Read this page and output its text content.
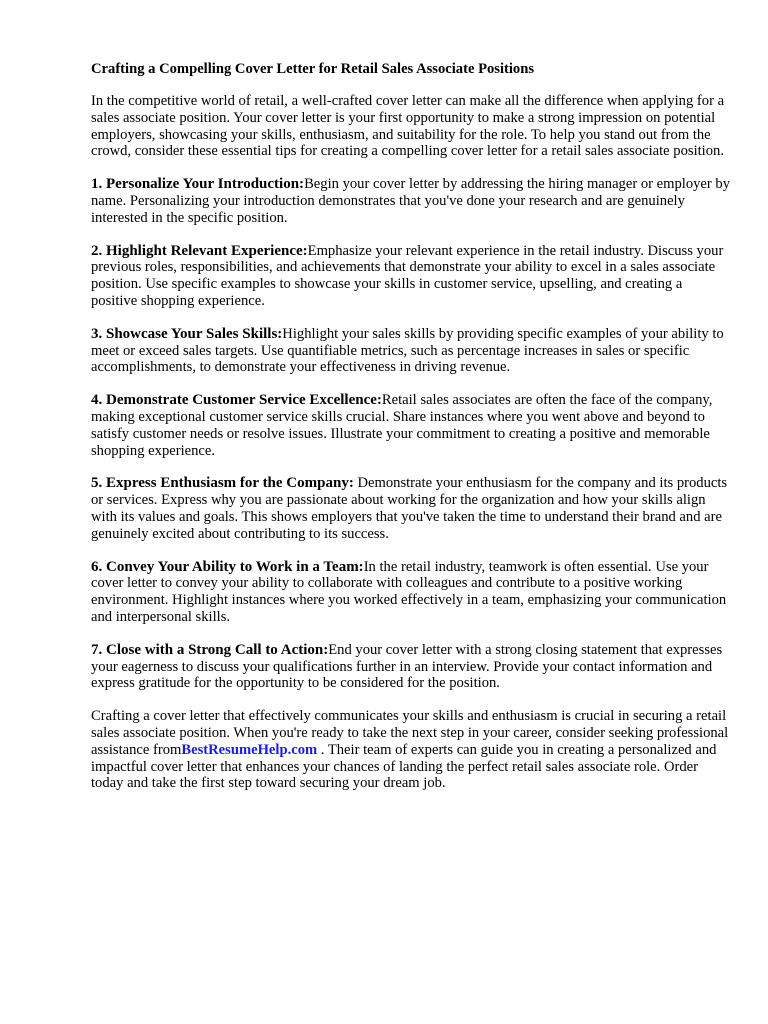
Crafting a Compelling Cover Letter for Retail Sales Associate Positions

In the competitive world of retail, a well-crafted cover letter can make all the difference when applying for a sales associate position. Your cover letter is your first opportunity to make a strong impression on potential employers, showcasing your skills, enthusiasm, and suitability for the role. To help you stand out from the crowd, consider these essential tips for creating a compelling cover letter for a retail sales associate position.

1. Personalize Your Introduction:Begin your cover letter by addressing the hiring manager or employer by name. Personalizing your introduction demonstrates that you've done your research and are genuinely interested in the specific position.

2. Highlight Relevant Experience:Emphasize your relevant experience in the retail industry. Discuss your previous roles, responsibilities, and achievements that demonstrate your ability to excel in a sales associate position. Use specific examples to showcase your skills in customer service, upselling, and creating a positive shopping experience.

3. Showcase Your Sales Skills:Highlight your sales skills by providing specific examples of your ability to meet or exceed sales targets. Use quantifiable metrics, such as percentage increases in sales or specific accomplishments, to demonstrate your effectiveness in driving revenue.

4. Demonstrate Customer Service Excellence:Retail sales associates are often the face of the company, making exceptional customer service skills crucial. Share instances where you went above and beyond to satisfy customer needs or resolve issues. Illustrate your commitment to creating a positive and memorable shopping experience.

5. Express Enthusiasm for the Company: Demonstrate your enthusiasm for the company and its products or services. Express why you are passionate about working for the organization and how your skills align with its values and goals. This shows employers that you've taken the time to understand their brand and are genuinely excited about contributing to its success.

6. Convey Your Ability to Work in a Team:In the retail industry, teamwork is often essential. Use your cover letter to convey your ability to collaborate with colleagues and contribute to a positive working environment. Highlight instances where you worked effectively in a team, emphasizing your communication and interpersonal skills.

7. Close with a Strong Call to Action:End your cover letter with a strong closing statement that expresses your eagerness to discuss your qualifications further in an interview. Provide your contact information and express gratitude for the opportunity to be considered for the position.

Crafting a cover letter that effectively communicates your skills and enthusiasm is crucial in securing a retail sales associate position. When you're ready to take the next step in your career, consider seeking professional assistance fromBestResumeHelp.com . Their team of experts can guide you in creating a personalized and impactful cover letter that enhances your chances of landing the perfect retail sales associate role. Order today and take the first step toward securing your dream job.
